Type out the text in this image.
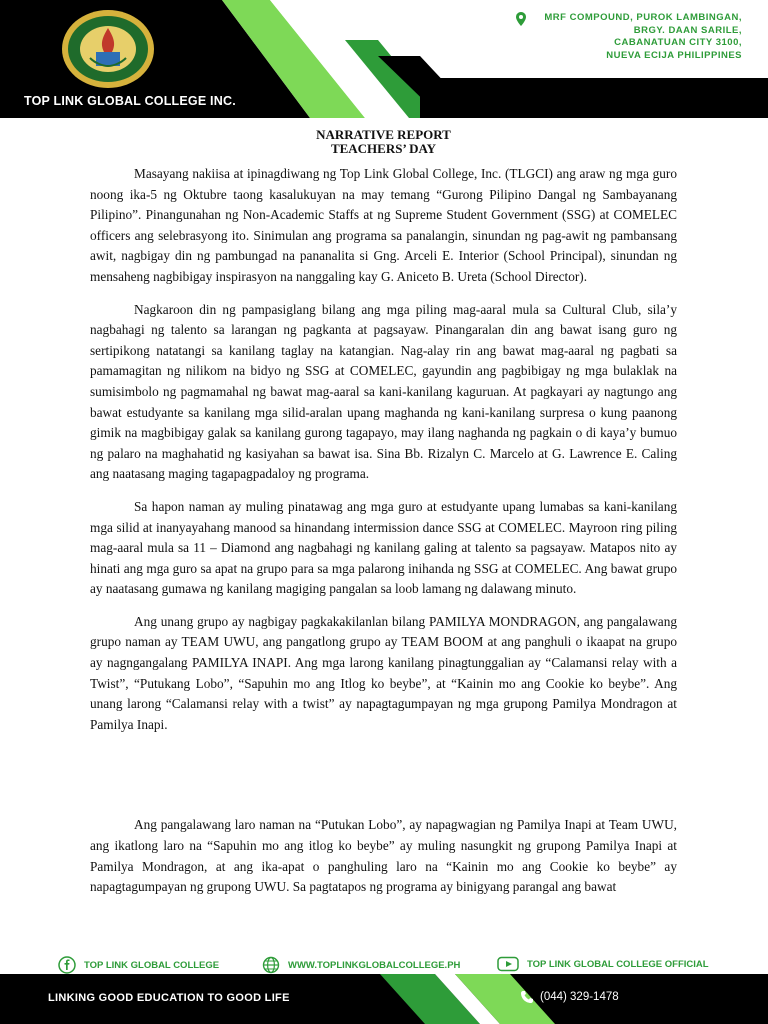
TOP LINK GLOBAL COLLEGE INC.
MRF COMPOUND, PUROK LAMBINGAN,
BRGY. DAAN SARILE,
CABANATUAN CITY 3100,
NUEVA ECIJA PHILIPPINES

NARRATIVE REPORT

TEACHERS’ DAY

Masayang nakiisa at ipinagdiwang ng Top Link Global College, Inc. (TLGCI) ang araw ng mga guro noong ika-5 ng Oktubre taong kasalukuyan na may temang “Gurong Pilipino Dangal ng Sambayanang Pilipino”. Pinangunahan ng Non-Academic Staffs at ng Supreme Student Government (SSG) at COMELEC officers ang selebrasyong ito. Sinimulan ang programa sa panalangin, sinundan ng pag-awit ng pambansang awit, nagbigay din ng pambungad na pananalita si Gng. Arceli E. Interior (School Principal), sinundan ng mensaheng nagbibigay inspirasyon na nanggaling kay G. Aniceto B. Ureta (School Director).

Nagkaroon din ng pampasiglang bilang ang mga piling mag-aaral mula sa Cultural Club, sila’y nagbahagi ng talento sa larangan ng pagkanta at pagsayaw. Pinangaralan din ang bawat isang guro ng sertipikong natatangi sa kanilang taglay na katangian. Nag-alay rin ang bawat mag-aaral ng pagbati sa pamamagitan ng nilikom na bidyo ng SSG at COMELEC, gayundin ang pagbibigay ng mga bulaklak na sumisimbolo ng pagmamahal ng bawat mag-aaral sa kani-kanilang kaguruan. At pagkayari ay nagtungo ang bawat estudyante sa kanilang mga silid-aralan upang maghanda ng kani-kanilang surpresa o kung paanong gimik na magbibigay galak sa kanilang gurong tagapayo, may ilang naghanda ng pagkain o di kaya’y bumuo ng palaro na maghahatid ng kasiyahan sa bawat isa. Sina Bb. Rizalyn C. Marcelo at G. Lawrence E. Caling ang naatasang maging tagapagpadaloy ng programa.

Sa hapon naman ay muling pinatawag ang mga guro at estudyante upang lumabas sa kani-kanilang mga silid at inanyayahang manood sa hinandang intermission dance SSG at COMELEC. Mayroon ring piling mag-aaral mula sa 11 – Diamond ang nagbahagi ng kanilang galing at talento sa pagsayaw. Matapos nito ay hinati ang mga guro sa apat na grupo para sa mga palarong inihanda ng SSG at COMELEC. Ang bawat grupo ay naatasang gumawa ng kanilang magiging pangalan sa loob lamang ng dalawang minuto.

Ang unang grupo ay nagbigay pagkakakilanlan bilang PAMILYA MONDRAGON, ang pangalawang grupo naman ay TEAM UWU, ang pangatlong grupo ay TEAM BOOM at ang panghuli o ikaapat na grupo ay nagngangalang PAMILYA INAPI. Ang mga larong kanilang pinagtunggalian ay “Calamansi relay with a Twist”, “Putukang Lobo”, “Sapuhin mo ang Itlog ko beybe”, at “Kainin mo ang Cookie ko beybe”. Ang unang larong “Calamansi relay with a twist” ay napagtagumpayan ng mga grupong Pamilya Mondragon at Pamilya Inapi.

Ang pangalawang laro naman na “Putukan Lobo”, ay napagwagian ng Pamilya Inapi at Team UWU, ang ikatlong laro na “Sapuhin mo ang itlog ko beybe” ay muling nasungkit ng grupong Pamilya Inapi at Pamilya Mondragon, at ang ika-apat o panghuling laro na “Kainin mo ang Cookie ko beybe” ay napagtagumpayan ng grupong UWU. Sa pagtatapos ng programa ay binigyang parangal ang bawat

TOP LINK GLOBAL COLLEGE	WWW.TOPLINKGLOBALCOLLEGE.PH	TOP LINK GLOBAL COLLEGE OFFICIAL
LINKING GOOD EDUCATION TO GOOD LIFE	(044) 329-1478
